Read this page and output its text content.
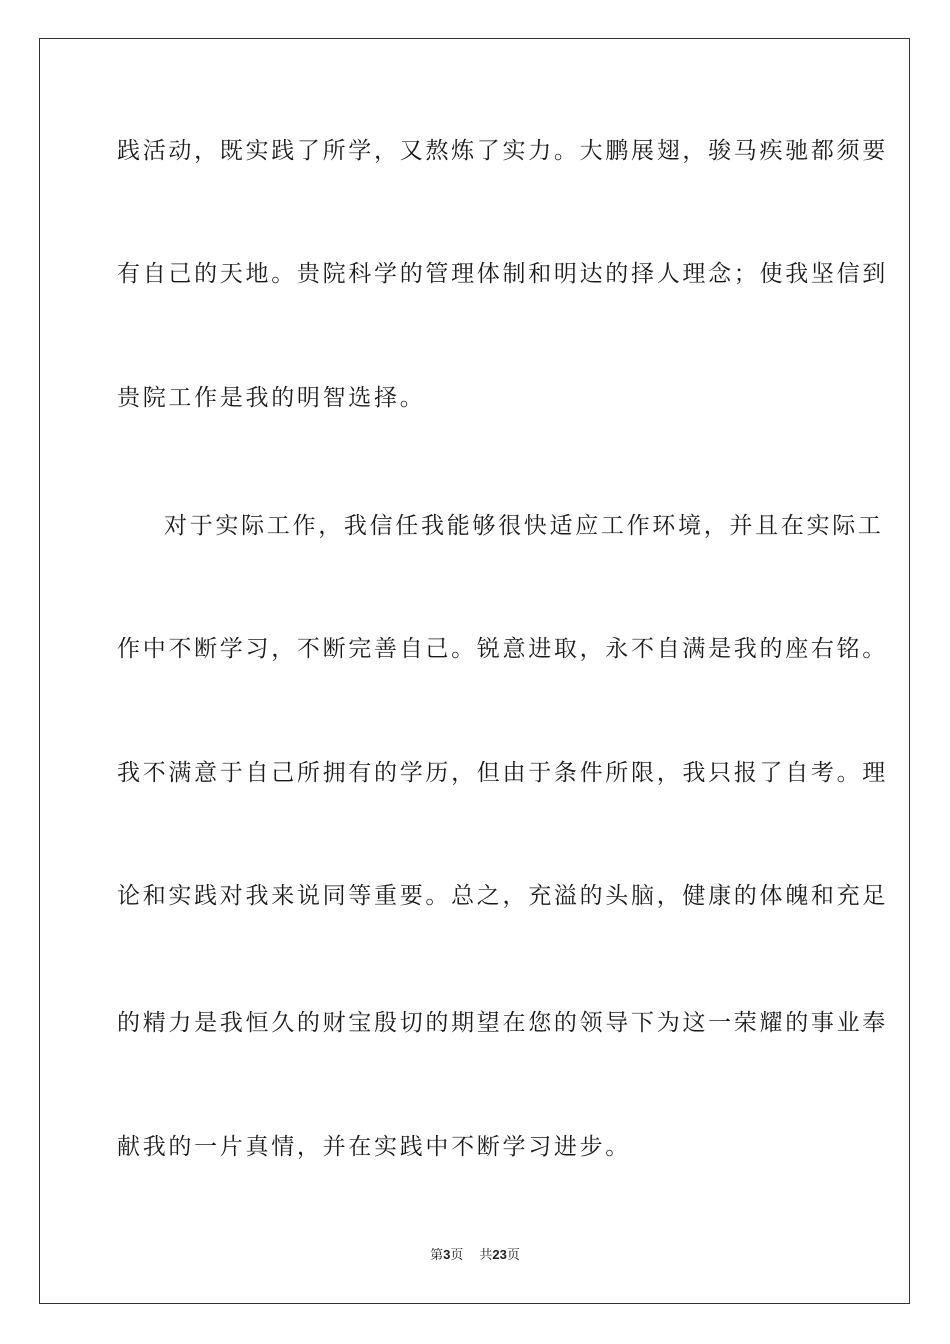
践活动，既实践了所学，又熬炼了实力。大鹏展翅，骏马疾驰都须要
有自己的天地。贵院科学的管理体制和明达的择人理念；使我坚信到
贵院工作是我的明智选择。
对于实际工作，我信任我能够很快适应工作环境，并且在实际工
作中不断学习，不断完善自己。锐意进取，永不自满是我的座右铭。
我不满意于自己所拥有的学历，但由于条件所限，我只报了自考。理
论和实践对我来说同等重要。总之，充溢的头脑，健康的体魄和充足
的精力是我恒久的财宝殷切的期望在您的领导下为这一荣耀的事业奉
献我的一片真情，并在实践中不断学习进步。
第3页 共23页
